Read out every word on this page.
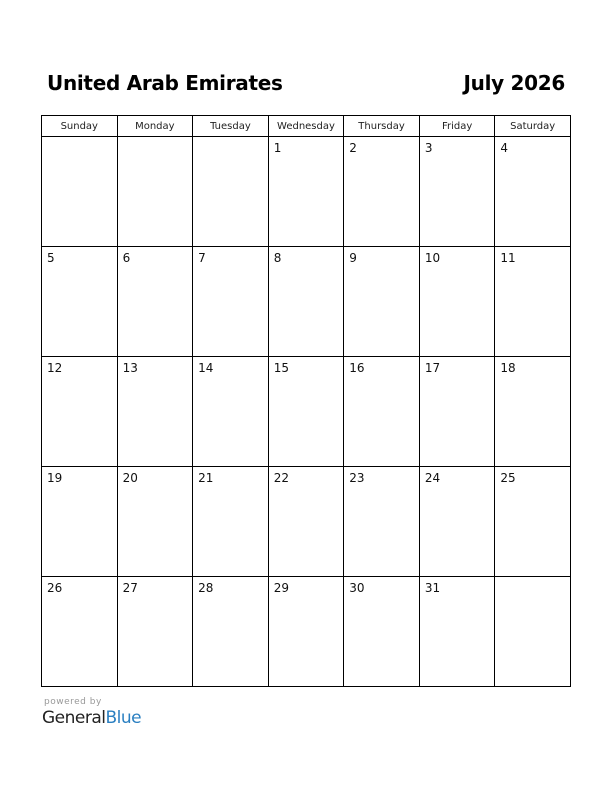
United Arab Emirates	July 2026
Sunday	Monday	Tuesday	Wednesday	Thursday	Friday	Saturday

			1	2	3	4

5	6	7	8	9	10	11

12	13	14	15	16	17	18

19	20	21	22	23	24	25

26	27	28	29	30	31	

powered by
GeneralBlue
